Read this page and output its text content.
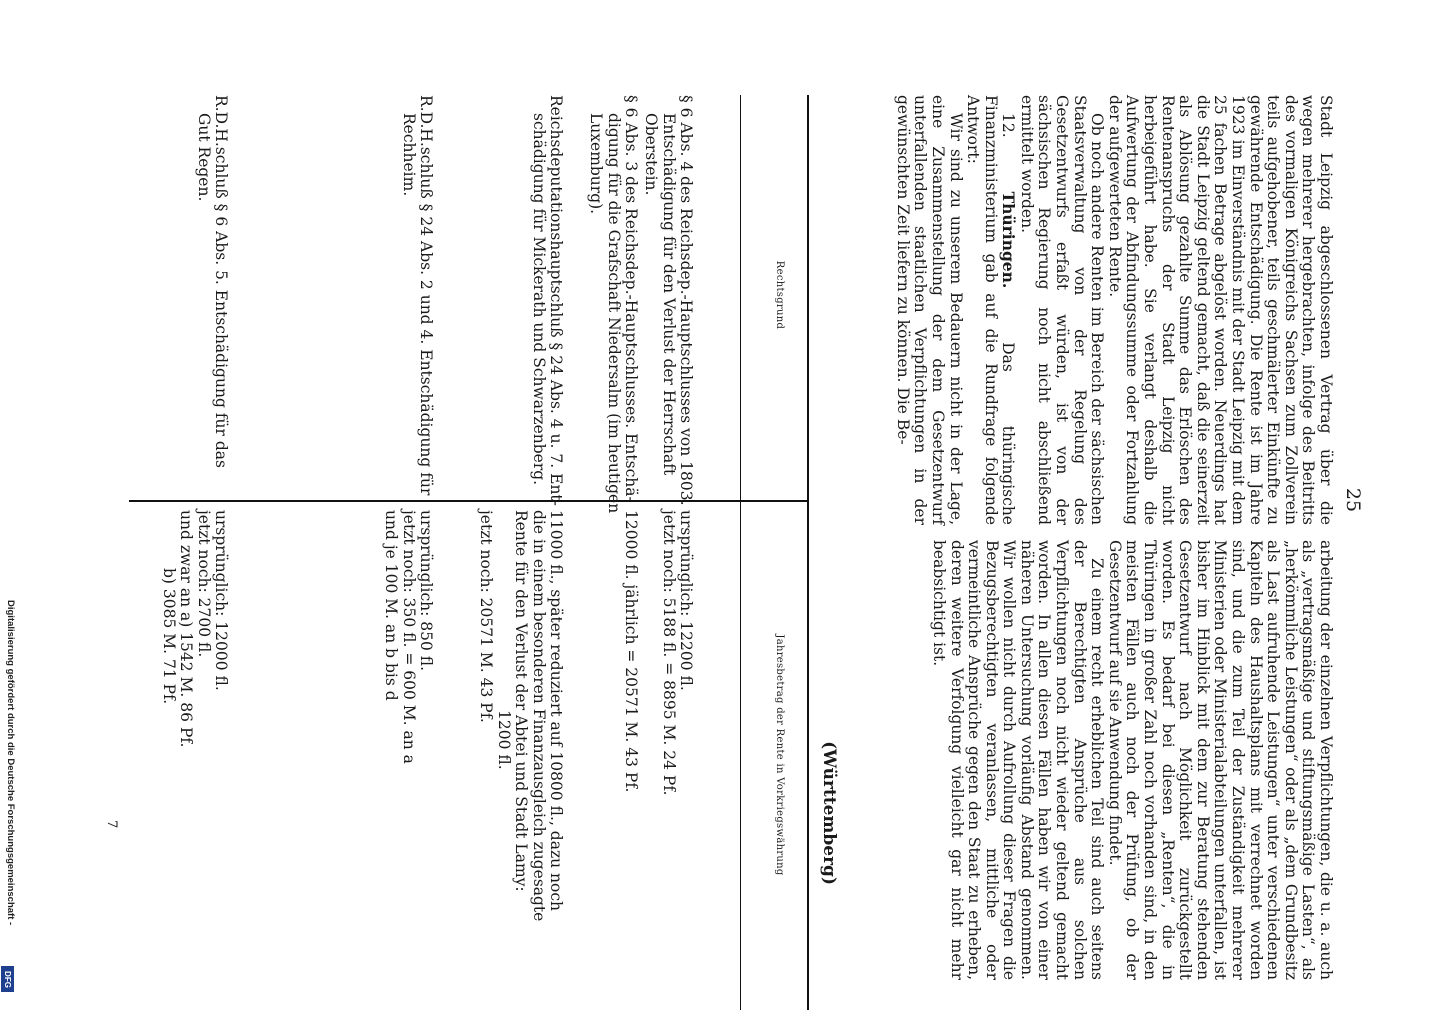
25

Stadt Leipzig abgeschlossenen Vertrag über die wegen mehrerer hergebrachten, infolge des Beitritts des vormaligen Königreichs Sachsen zum Zollverein teils aufgehobener, teils geschmälerter Einkünfte zu gewährende Entschädigung. Die Rente ist im Jahre 1923 im Einverständnis mit der Stadt Leipzig mit dem 25 fachen Betrage abgelöst worden. Neuerdings hat die Stadt Leipzig geltend gemacht, daß die seinerzeit als Ablösung gezahlte Summe das Erlöschen des Rentenanspruchs der Stadt Leipzig nicht herbeigeführt habe. Sie verlangt deshalb die Aufwertung der Abfindungssumme oder Fortzahlung der aufgewerteten Rente.

Ob noch andere Renten im Bereich der sächsischen Staatsverwaltung von der Regelung des Gesetzentwurfs erfaßt würden, ist von der sächsischen Regierung noch nicht abschließend ermittelt worden.

12. Thüringen. Das thüringische Finanzministerium gab auf die Rundfrage folgende Antwort:

Wir sind zu unserem Bedauern nicht in der Lage, eine Zusammenstellung der dem Gesetzentwurf unterfallenden staatlichen Verpflichtungen in der gewünschten Zeit liefern zu können. Die Be-

arbeitung der einzelnen Verpflichtungen, die u. a. auch als „vertragsmäßige und stiftungsmäßige Lasten“, als „herkömmliche Leistungen“ oder als „dem Grundbesitz als Last aufruhende Leistungen“ unter verschiedenen Kapiteln des Haushaltsplans mit verrechnet worden sind, und die zum Teil der Zuständigkeit mehrerer Ministerien oder Ministerialabteilungen unterfallen, ist bisher im Hinblick mit dem zur Beratung stehenden Gesetzentwurf nach Möglichkeit zurückgestellt worden. Es bedarf bei diesen „Renten“, die in Thüringen in großer Zahl noch vorhanden sind, in den meisten Fällen auch noch der Prüfung, ob der Gesetzentwurf auf sie Anwendung findet.

Zu einem recht erheblichen Teil sind auch seitens der Berechtigten Ansprüche aus solchen Verpflichtungen noch nicht wieder geltend gemacht worden. In allen diesen Fällen haben wir von einer näheren Untersuchung vorläufig Abstand genommen. Wir wollen nicht durch Aufrollung dieser Fragen die Bezugsberechtigten veranlassen, mittliche oder vermeintliche Ansprüche gegen den Staat zu erheben, deren weitere Verfolgung vielleicht gar nicht mehr beabsichtigt ist.

(Württemberg)
Rechtsgrund
Jahresbetrag der Rente in Vorkriegswährung
§ 6 Abs. 4 des Reichsdep.-Hauptschlusses von 1803.
Entschädigung für den Verlust der Herrschaft
Oberstein.
ursprünglich: 12200 fl.
jetzt noch: 5188 fl. = 8895 M. 24 Pf.
§ 6 Abs. 3 des Reichsdep.-Hauptschlusses. Entschä-
digung für die Grafschaft Niedersalm (im heutigen
Luxemburg).
12000 fl. jährlich = 20571 M. 43 Pf.
Reichsdeputationshauptschluß § 24 Abs. 4 u. 7. Ent-
schädigung für Mickerath und Schwarzenberg.
11000 fl., später reduziert auf 10800 fl., dazu noch
die in einem besonderen Finanzausgleich zugesagte
Rente für den Verlust der Abtei und Stadt Lamy:
1200 fl.
jetzt noch: 20571 M. 43 Pf.
R.D.H.schluß § 24 Abs. 2 und 4. Entschädigung für
Rechheim.
ursprünglich: 850 fl.
jetzt noch: 350 fl. = 600 M. an a
und je 100 M. an b bis d
R.D.H.schluß § 6 Abs. 5. Entschädigung für das
Gut Regen.
ursprünglich: 12000 fl.
jetzt noch: 2700 fl.
und zwar an a) 1542 M. 86 Pf.
b) 3085 M. 71 Pf.
7
Digitalisierung gefördert durch die Deutsche Forschungsgemeinschaft -
DFG
